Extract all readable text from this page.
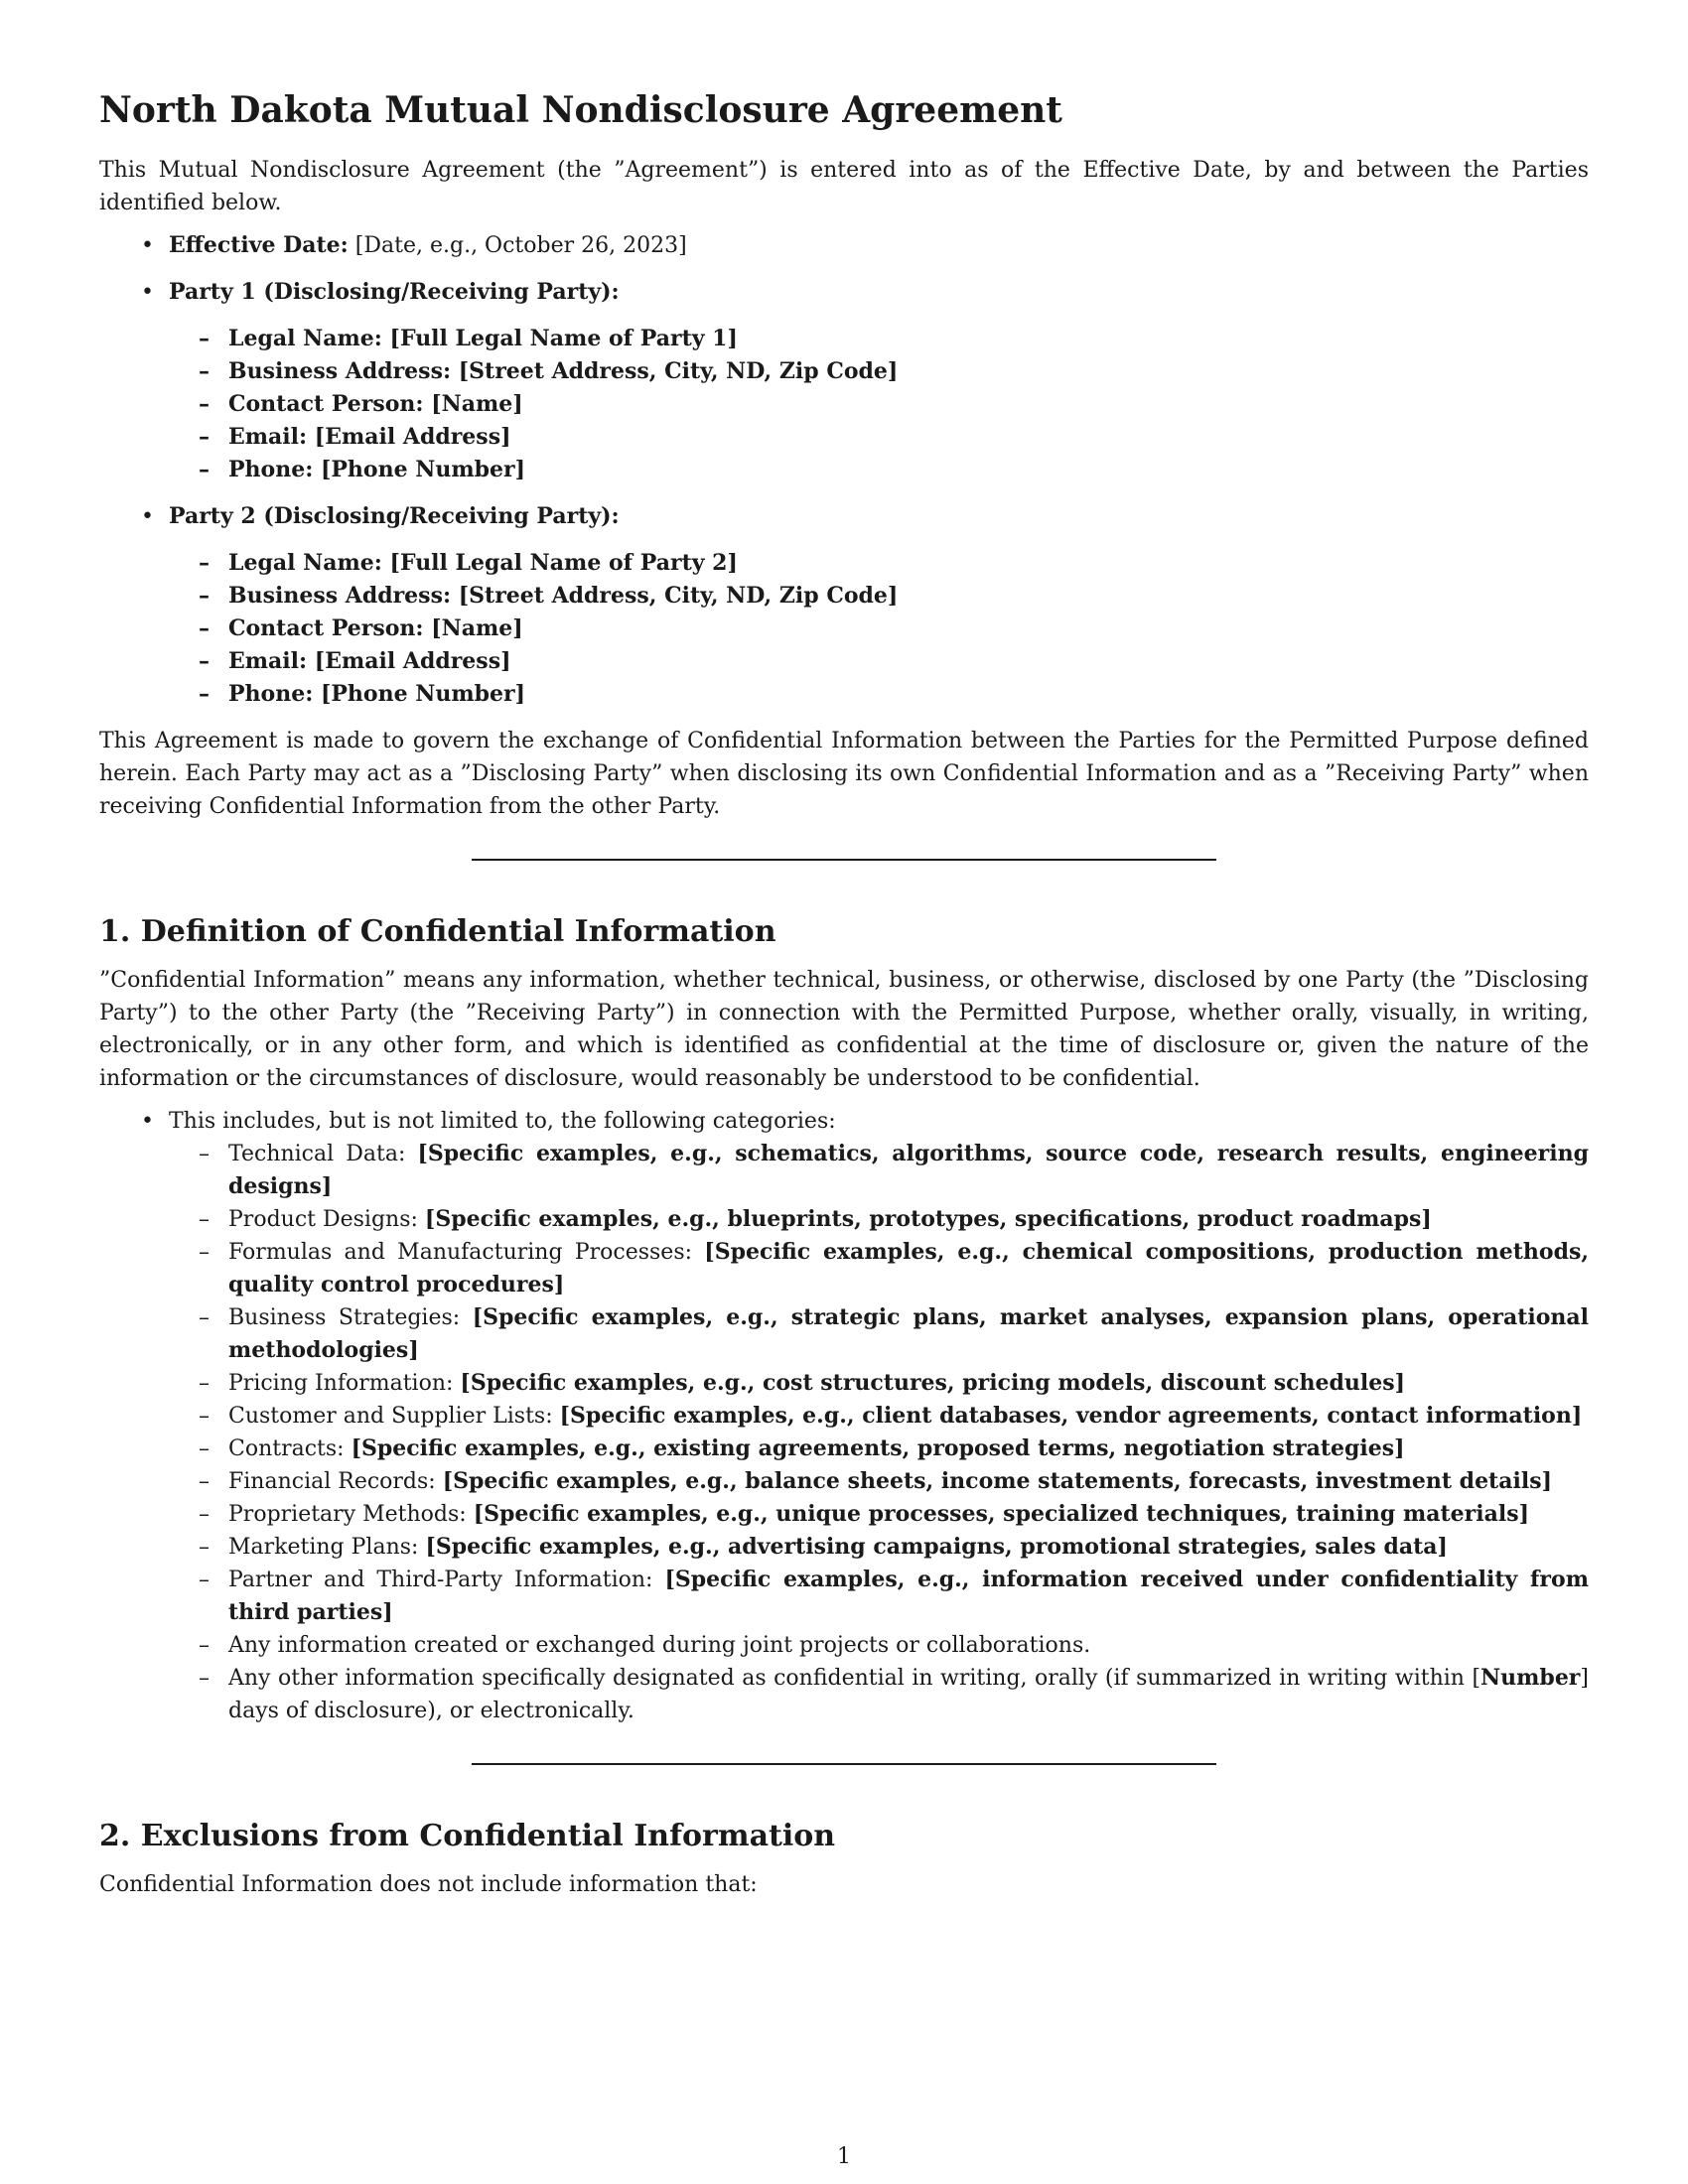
North Dakota Mutual Nondisclosure Agreement

This Mutual Nondisclosure Agreement (the ”Agreement”) is entered into as of the Effective Date, by and between the Parties identified below.

• Effective Date: [Date, e.g., October 26, 2023]
• Party 1 (Disclosing/Receiving Party):
– Legal Name: [Full Legal Name of Party 1]
– Business Address: [Street Address, City, ND, Zip Code]
– Contact Person: [Name]
– Email: [Email Address]
– Phone: [Phone Number]
• Party 2 (Disclosing/Receiving Party):
– Legal Name: [Full Legal Name of Party 2]
– Business Address: [Street Address, City, ND, Zip Code]
– Contact Person: [Name]
– Email: [Email Address]
– Phone: [Phone Number]

This Agreement is made to govern the exchange of Confidential Information between the Parties for the Permitted Purpose defined herein. Each Party may act as a ”Disclosing Party” when disclosing its own Confidential Information and as a ”Receiving Party” when receiving Confidential Information from the other Party.

1. Definition of Confidential Information

”Confidential Information” means any information, whether technical, business, or otherwise, disclosed by one Party (the ”Disclosing Party”) to the other Party (the ”Receiving Party”) in connection with the Permitted Purpose, whether orally, visually, in writing, electronically, or in any other form, and which is identified as confidential at the time of disclosure or, given the nature of the information or the circumstances of disclosure, would reasonably be understood to be confidential.

• This includes, but is not limited to, the following categories:
– Technical Data: [Specific examples, e.g., schematics, algorithms, source code, research results, engineering designs]
– Product Designs: [Specific examples, e.g., blueprints, prototypes, specifications, product roadmaps]
– Formulas and Manufacturing Processes: [Specific examples, e.g., chemical compositions, production methods, quality control procedures]
– Business Strategies: [Specific examples, e.g., strategic plans, market analyses, expansion plans, operational methodologies]
– Pricing Information: [Specific examples, e.g., cost structures, pricing models, discount schedules]
– Customer and Supplier Lists: [Specific examples, e.g., client databases, vendor agreements, contact information]
– Contracts: [Specific examples, e.g., existing agreements, proposed terms, negotiation strategies]
– Financial Records: [Specific examples, e.g., balance sheets, income statements, forecasts, investment details]
– Proprietary Methods: [Specific examples, e.g., unique processes, specialized techniques, training materials]
– Marketing Plans: [Specific examples, e.g., advertising campaigns, promotional strategies, sales data]
– Partner and Third-Party Information: [Specific examples, e.g., information received under confidentiality from third parties]
– Any information created or exchanged during joint projects or collaborations.
– Any other information specifically designated as confidential in writing, orally (if summarized in writing within [Number] days of disclosure), or electronically.
2. Exclusions from Confidential Information

Confidential Information does not include information that:

1
